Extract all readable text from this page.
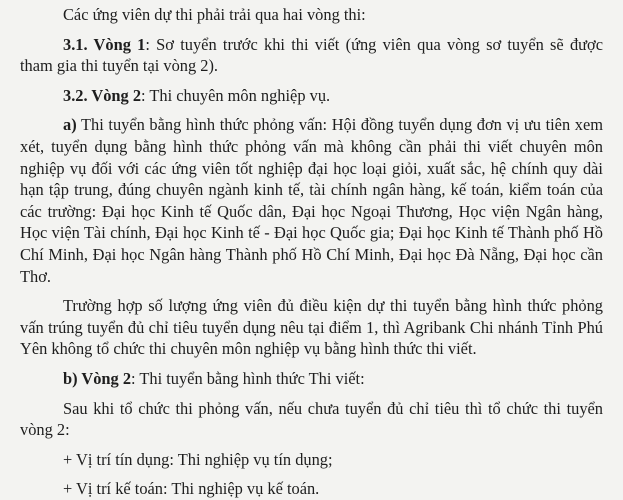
Các ứng viên dự thi phải trải qua hai vòng thi:

3.1. Vòng 1: Sơ tuyển trước khi thi viết (ứng viên qua vòng sơ tuyển sẽ được tham gia thi tuyển tại vòng 2).

3.2. Vòng 2: Thi chuyên môn nghiệp vụ.

a) Thi tuyển bằng hình thức phỏng vấn: Hội đồng tuyển dụng đơn vị ưu tiên xem xét, tuyển dụng bằng hình thức phỏng vấn mà không cần phải thi viết chuyên môn nghiệp vụ đối với các ứng viên tốt nghiệp đại học loại giỏi, xuất sắc, hệ chính quy dài hạn tập trung, đúng chuyên ngành kinh tế, tài chính ngân hàng, kế toán, kiểm toán của các trường: Đại học Kinh tế Quốc dân, Đại học Ngoại Thương, Học viện Ngân hàng, Học viện Tài chính, Đại học Kinh tế - Đại học Quốc gia; Đại học Kinh tế Thành phố Hồ Chí Minh, Đại học Ngân hàng Thành phố Hồ Chí Minh, Đại học Đà Nẵng, Đại học cần Thơ.

Trường hợp số lượng ứng viên đủ điều kiện dự thi tuyển bằng hình thức phỏng vấn trúng tuyển đủ chỉ tiêu tuyển dụng nêu tại điểm 1, thì Agribank Chi nhánh Tỉnh Phú Yên không tổ chức thi chuyên môn nghiệp vụ bằng hình thức thi viết.

b) Vòng 2: Thi tuyển bằng hình thức Thi viết:

Sau khi tổ chức thi phỏng vấn, nếu chưa tuyển đủ chỉ tiêu thì tổ chức thi tuyển vòng 2:

+ Vị trí tín dụng: Thi nghiệp vụ tín dụng;

+ Vị trí kế toán: Thi nghiệp vụ kế toán.
